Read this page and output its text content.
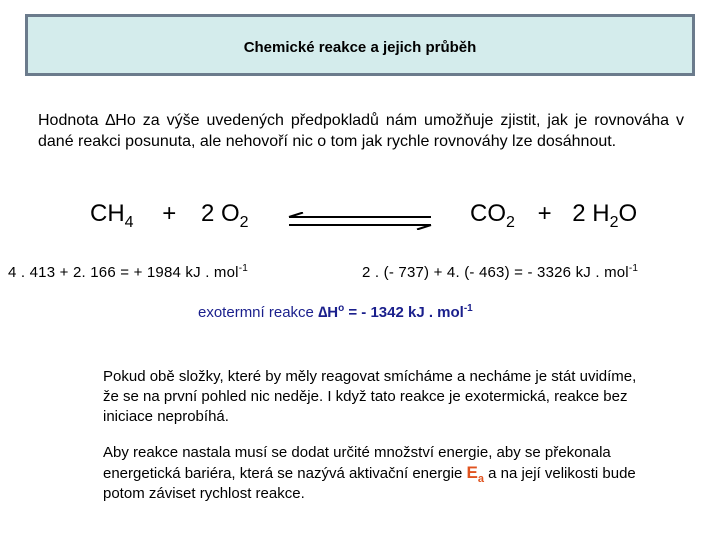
Chemické reakce a jejich průběh
Hodnota ∆Ho za výše uvedených předpokladů nám umožňuje zjistit, jak je rovnováha v dané reakci posunuta, ale nehovoří nic o tom jak rychle rovnováhy lze dosáhnout.
$CH_4 + 2$ $O_2$	$CO_2 + 2$ $H_2O$
4 . 413 + 2. 166 = + 1984 kJ . mol$^{-1}$	2 . (- 737) + 4. (- 463) = - 3326 kJ . mol$^{-1}$
exotermní reakce $\Delta H^o$ = - 1342 kJ . mol$^{-1}$
Pokud obě složky, které by měly reagovat smícháme a necháme je stát uvidíme, že se na první pohled nic neděje. I když tato reakce je exotermická, reakce bez iniciace neprobíhá.
Aby reakce nastala musí se dodat určité množství energie, aby se překonala energetická bariéra, která se nazývá aktivační energie $E_a$ a na její velikosti bude potom záviset rychlost reakce.
